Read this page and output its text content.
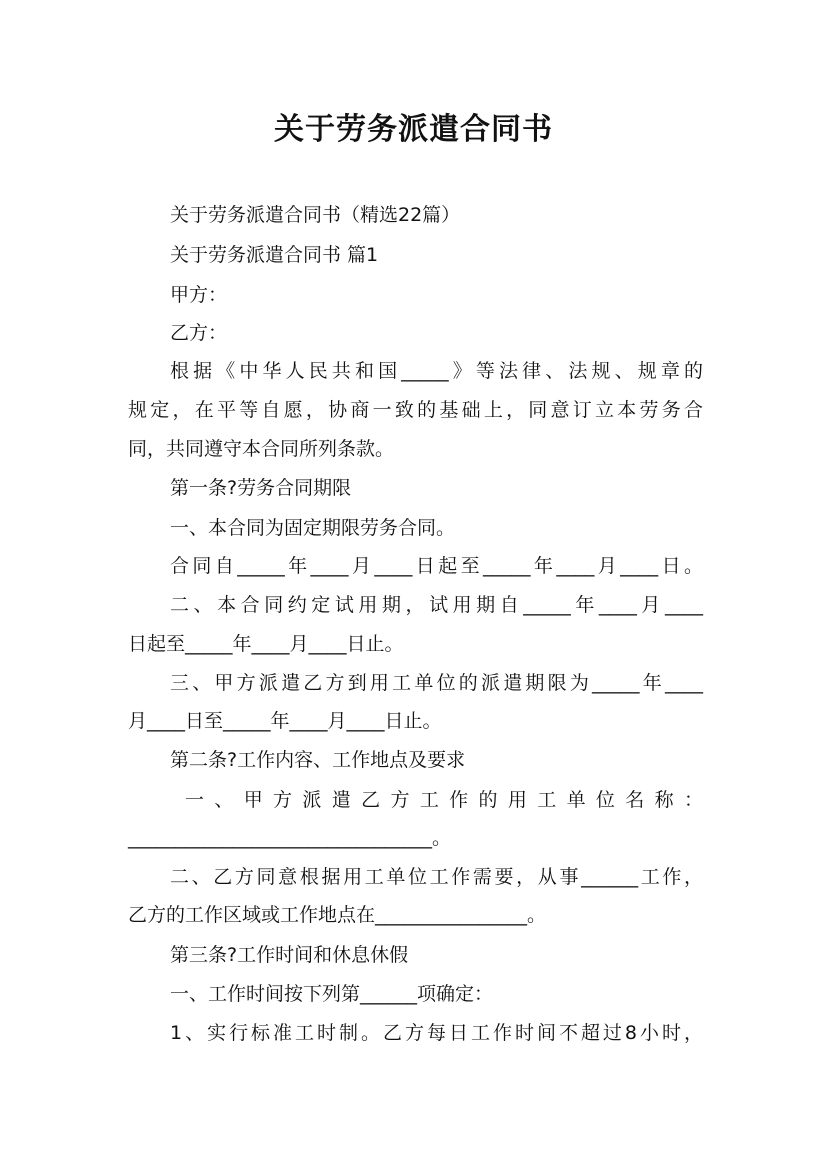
关于劳务派遣合同书
关于劳务派遣合同书（精选22篇）
关于劳务派遣合同书 篇1
甲方：
乙方：
根据《中华人民共和国_____》等法律、法规、规章的
规定，在平等自愿，协商一致的基础上，同意订立本劳务合
同，共同遵守本合同所列条款。
第一条?劳务合同期限
一、本合同为固定期限劳务合同。
合同自_____年____月____日起至_____年____月____日。
二、本合同约定试用期，试用期自_____年____月____
日起至_____年____月____日止。
三、甲方派遣乙方到用工单位的派遣期限为_____年____
月____日至_____年____月____日止。
第二条?工作内容、工作地点及要求
一、甲方派遣乙方工作的用工单位名称：
________________________________。
二、乙方同意根据用工单位工作需要，从事______工作，
乙方的工作区域或工作地点在________________。
第三条?工作时间和休息休假
一、工作时间按下列第______项确定：
1、实行标准工时制。乙方每日工作时间不超过8小时，
